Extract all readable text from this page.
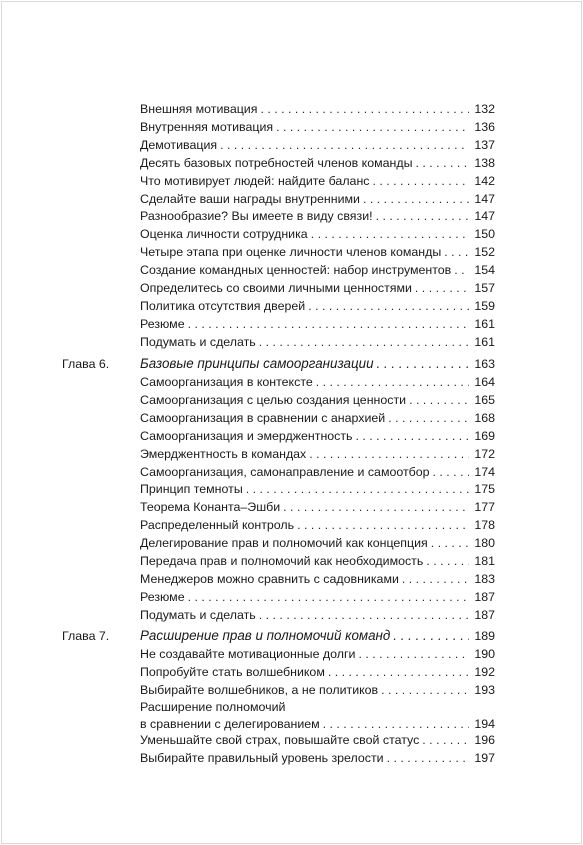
Внешняя мотивация . . .	132
Внутренняя мотивация . . .	136
Демотивация . . .	137
Десять базовых потребностей членов команды . . .	138
Что мотивирует людей: найдите баланс . . .	142
Сделайте ваши награды внутренними . . .	147
Разнообразие? Вы имеете в виду связи! . . .	147
Оценка личности сотрудника . . .	150
Четыре этапа при оценке личности членов команды . . .	152
Создание командных ценностей: набор инструментов . . .	154
Определитесь со своими личными ценностями . . .	157
Политика отсутствия дверей . . .	159
Резюме . . .	161
Подумать и сделать . . .	161
Глава 6. Базовые принципы самоорганизации . . .	163
Самоорганизация в контексте . . .	164
Самоорганизация с целью создания ценности . . .	165
Самоорганизация в сравнении с анархией . . .	168
Самоорганизация и эмерджентность . . .	169
Эмерджентность в командах . . .	172
Самоорганизация, самонаправление и самоотбор . . .	174
Принцип темноты . . .	175
Теорема Конанта–Эшби . . .	177
Распределенный контроль . . .	178
Делегирование прав и полномочий как концепция . . .	180
Передача прав и полномочий как необходимость . . .	181
Менеджеров можно сравнить с садовниками . . .	183
Резюме . . .	187
Подумать и сделать . . .	187
Глава 7. Расширение прав и полномочий команд . . .	189
Не создавайте мотивационные долги . . .	190
Попробуйте стать волшебником . . .	192
Выбирайте волшебников, а не политиков . . .	193
Расширение полномочий
в сравнении с делегированием . . .	194
Уменьшайте свой страх, повышайте свой статус . . .	196
Выбирайте правильный уровень зрелости . . .	197
